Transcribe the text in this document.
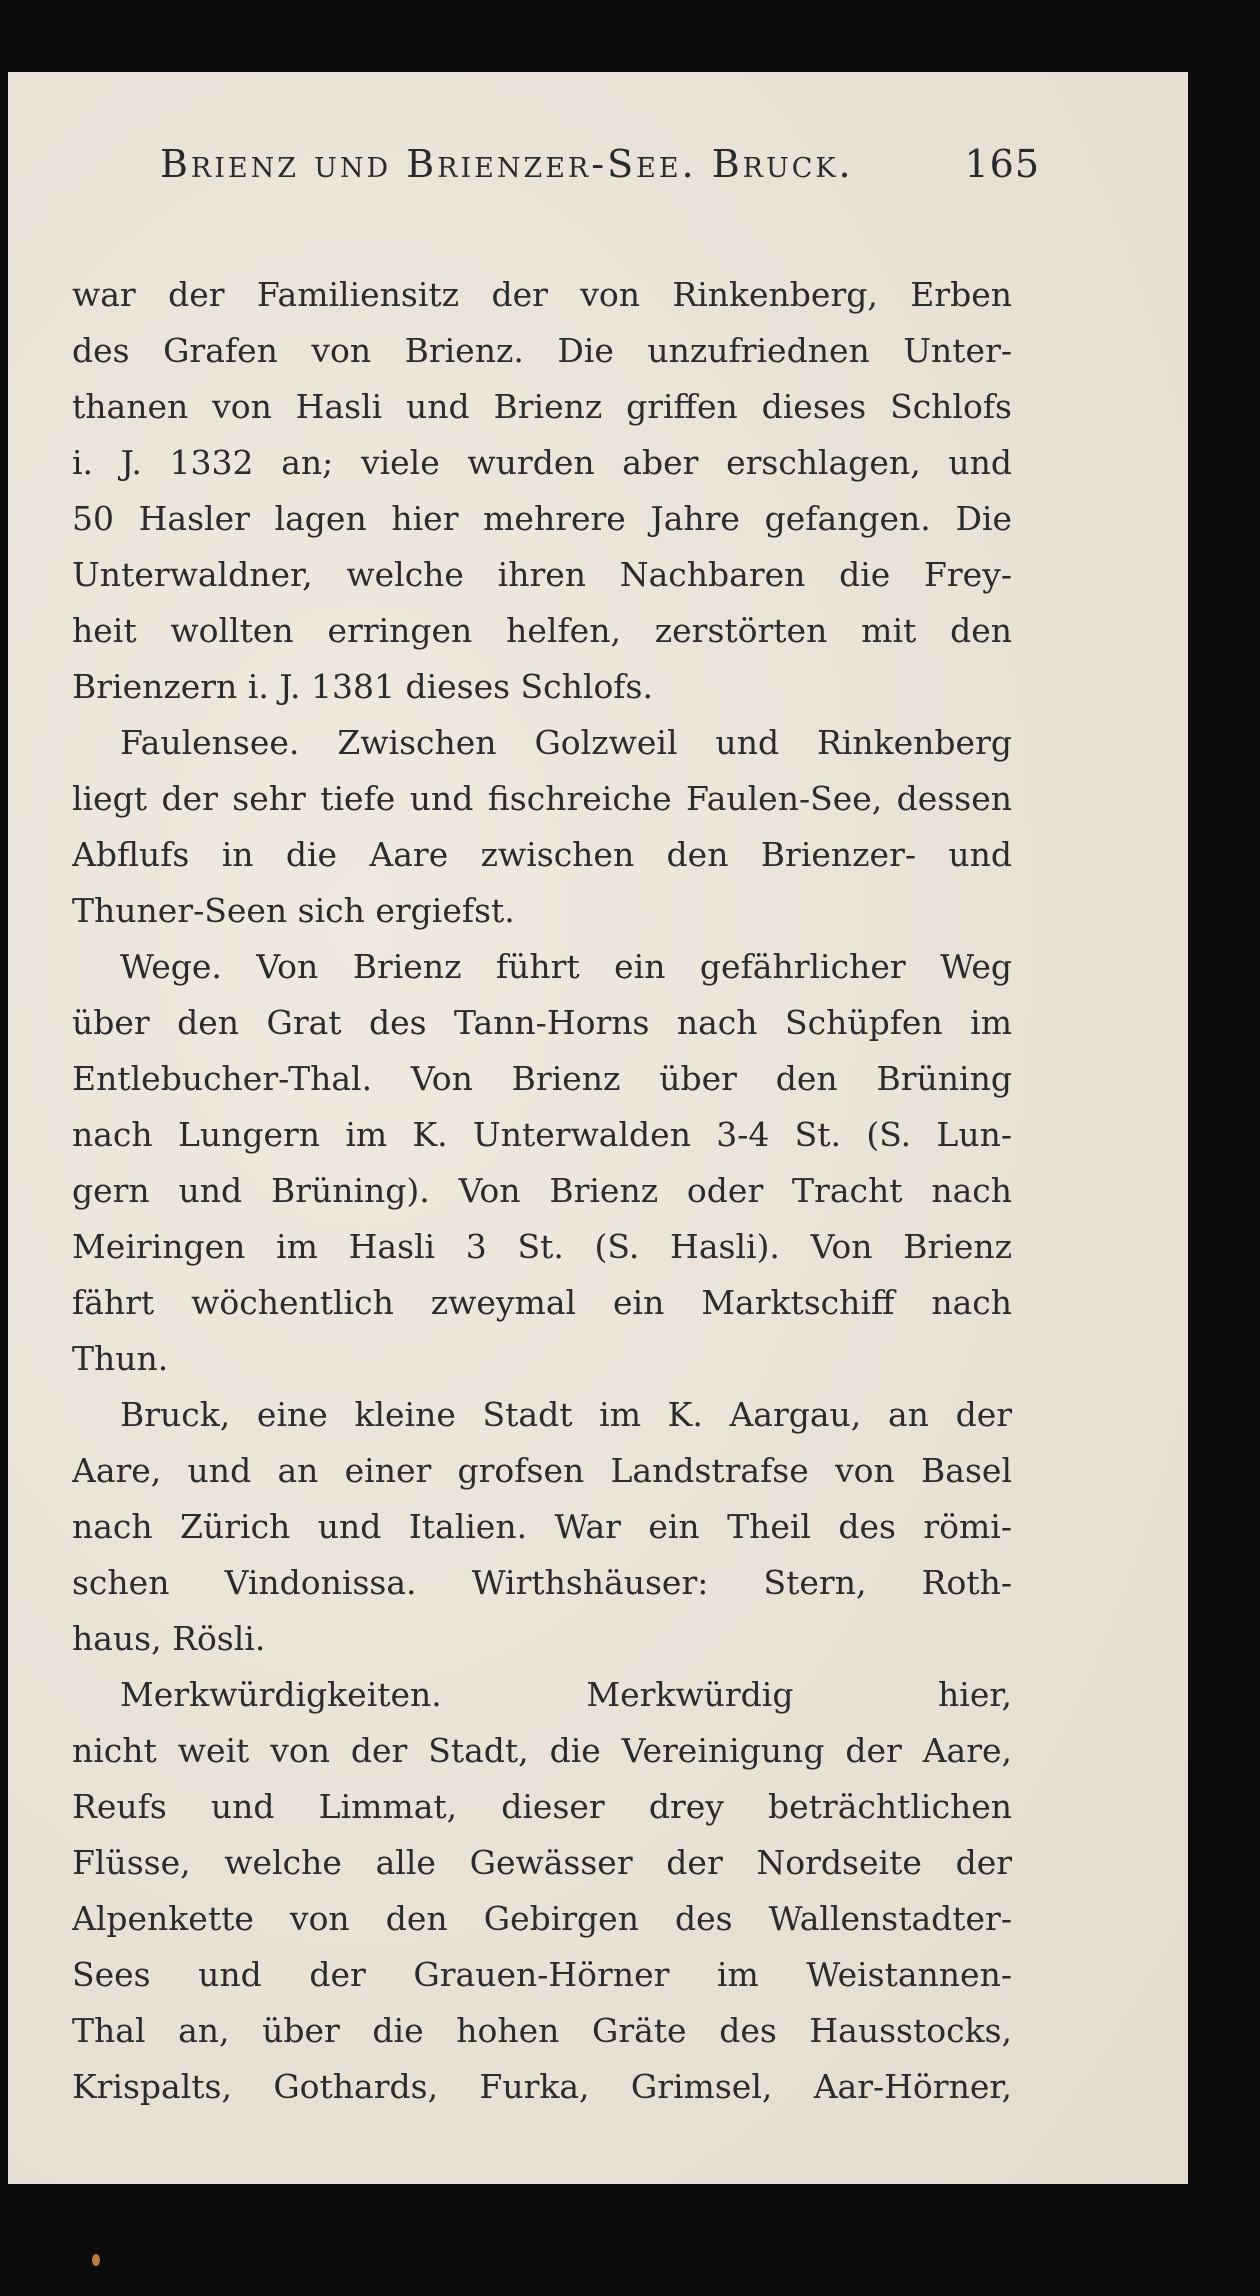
Brienz und Brienzer-See. Bruck.	165
war der Familiensitz der von Rinkenberg, Erben
des Grafen von Brienz. Die unzufriednen Unter-
thanen von Hasli und Brienz griffen dieses Schlofs
i. J. 1332 an; viele wurden aber erschlagen, und
50 Hasler lagen hier mehrere Jahre gefangen. Die
Unterwaldner, welche ihren Nachbaren die Frey-
heit wollten erringen helfen, zerstörten mit den
Brienzern i. J. 1381 dieses Schlofs.
Faulensee. Zwischen Golzweil und Rinkenberg
liegt der sehr tiefe und fischreiche Faulen-See, dessen
Abflufs in die Aare zwischen den Brienzer- und
Thuner-Seen sich ergiefst.
Wege. Von Brienz führt ein gefährlicher Weg
über den Grat des Tann-Horns nach Schüpfen im
Entlebucher-Thal. Von Brienz über den Brüning
nach Lungern im K. Unterwalden 3-4 St. (S. Lun-
gern und Brüning). Von Brienz oder Tracht nach
Meiringen im Hasli 3 St. (S. Hasli). Von Brienz
fährt wöchentlich zweymal ein Marktschiff nach
Thun.
Bruck, eine kleine Stadt im K. Aargau, an der
Aare, und an einer grofsen Landstrafse von Basel
nach Zürich und Italien. War ein Theil des römi-
schen Vindonissa. Wirthshäuser: Stern, Roth-
haus, Rösli.
Merkwürdigkeiten. Merkwürdig hier,
nicht weit von der Stadt, die Vereinigung der Aare,
Reufs und Limmat, dieser drey beträchtlichen
Flüsse, welche alle Gewässer der Nordseite der
Alpenkette von den Gebirgen des Wallenstadter-
Sees und der Grauen-Hörner im Weistannen-
Thal an, über die hohen Gräte des Hausstocks,
Krispalts, Gothards, Furka, Grimsel, Aar-Hörner,
